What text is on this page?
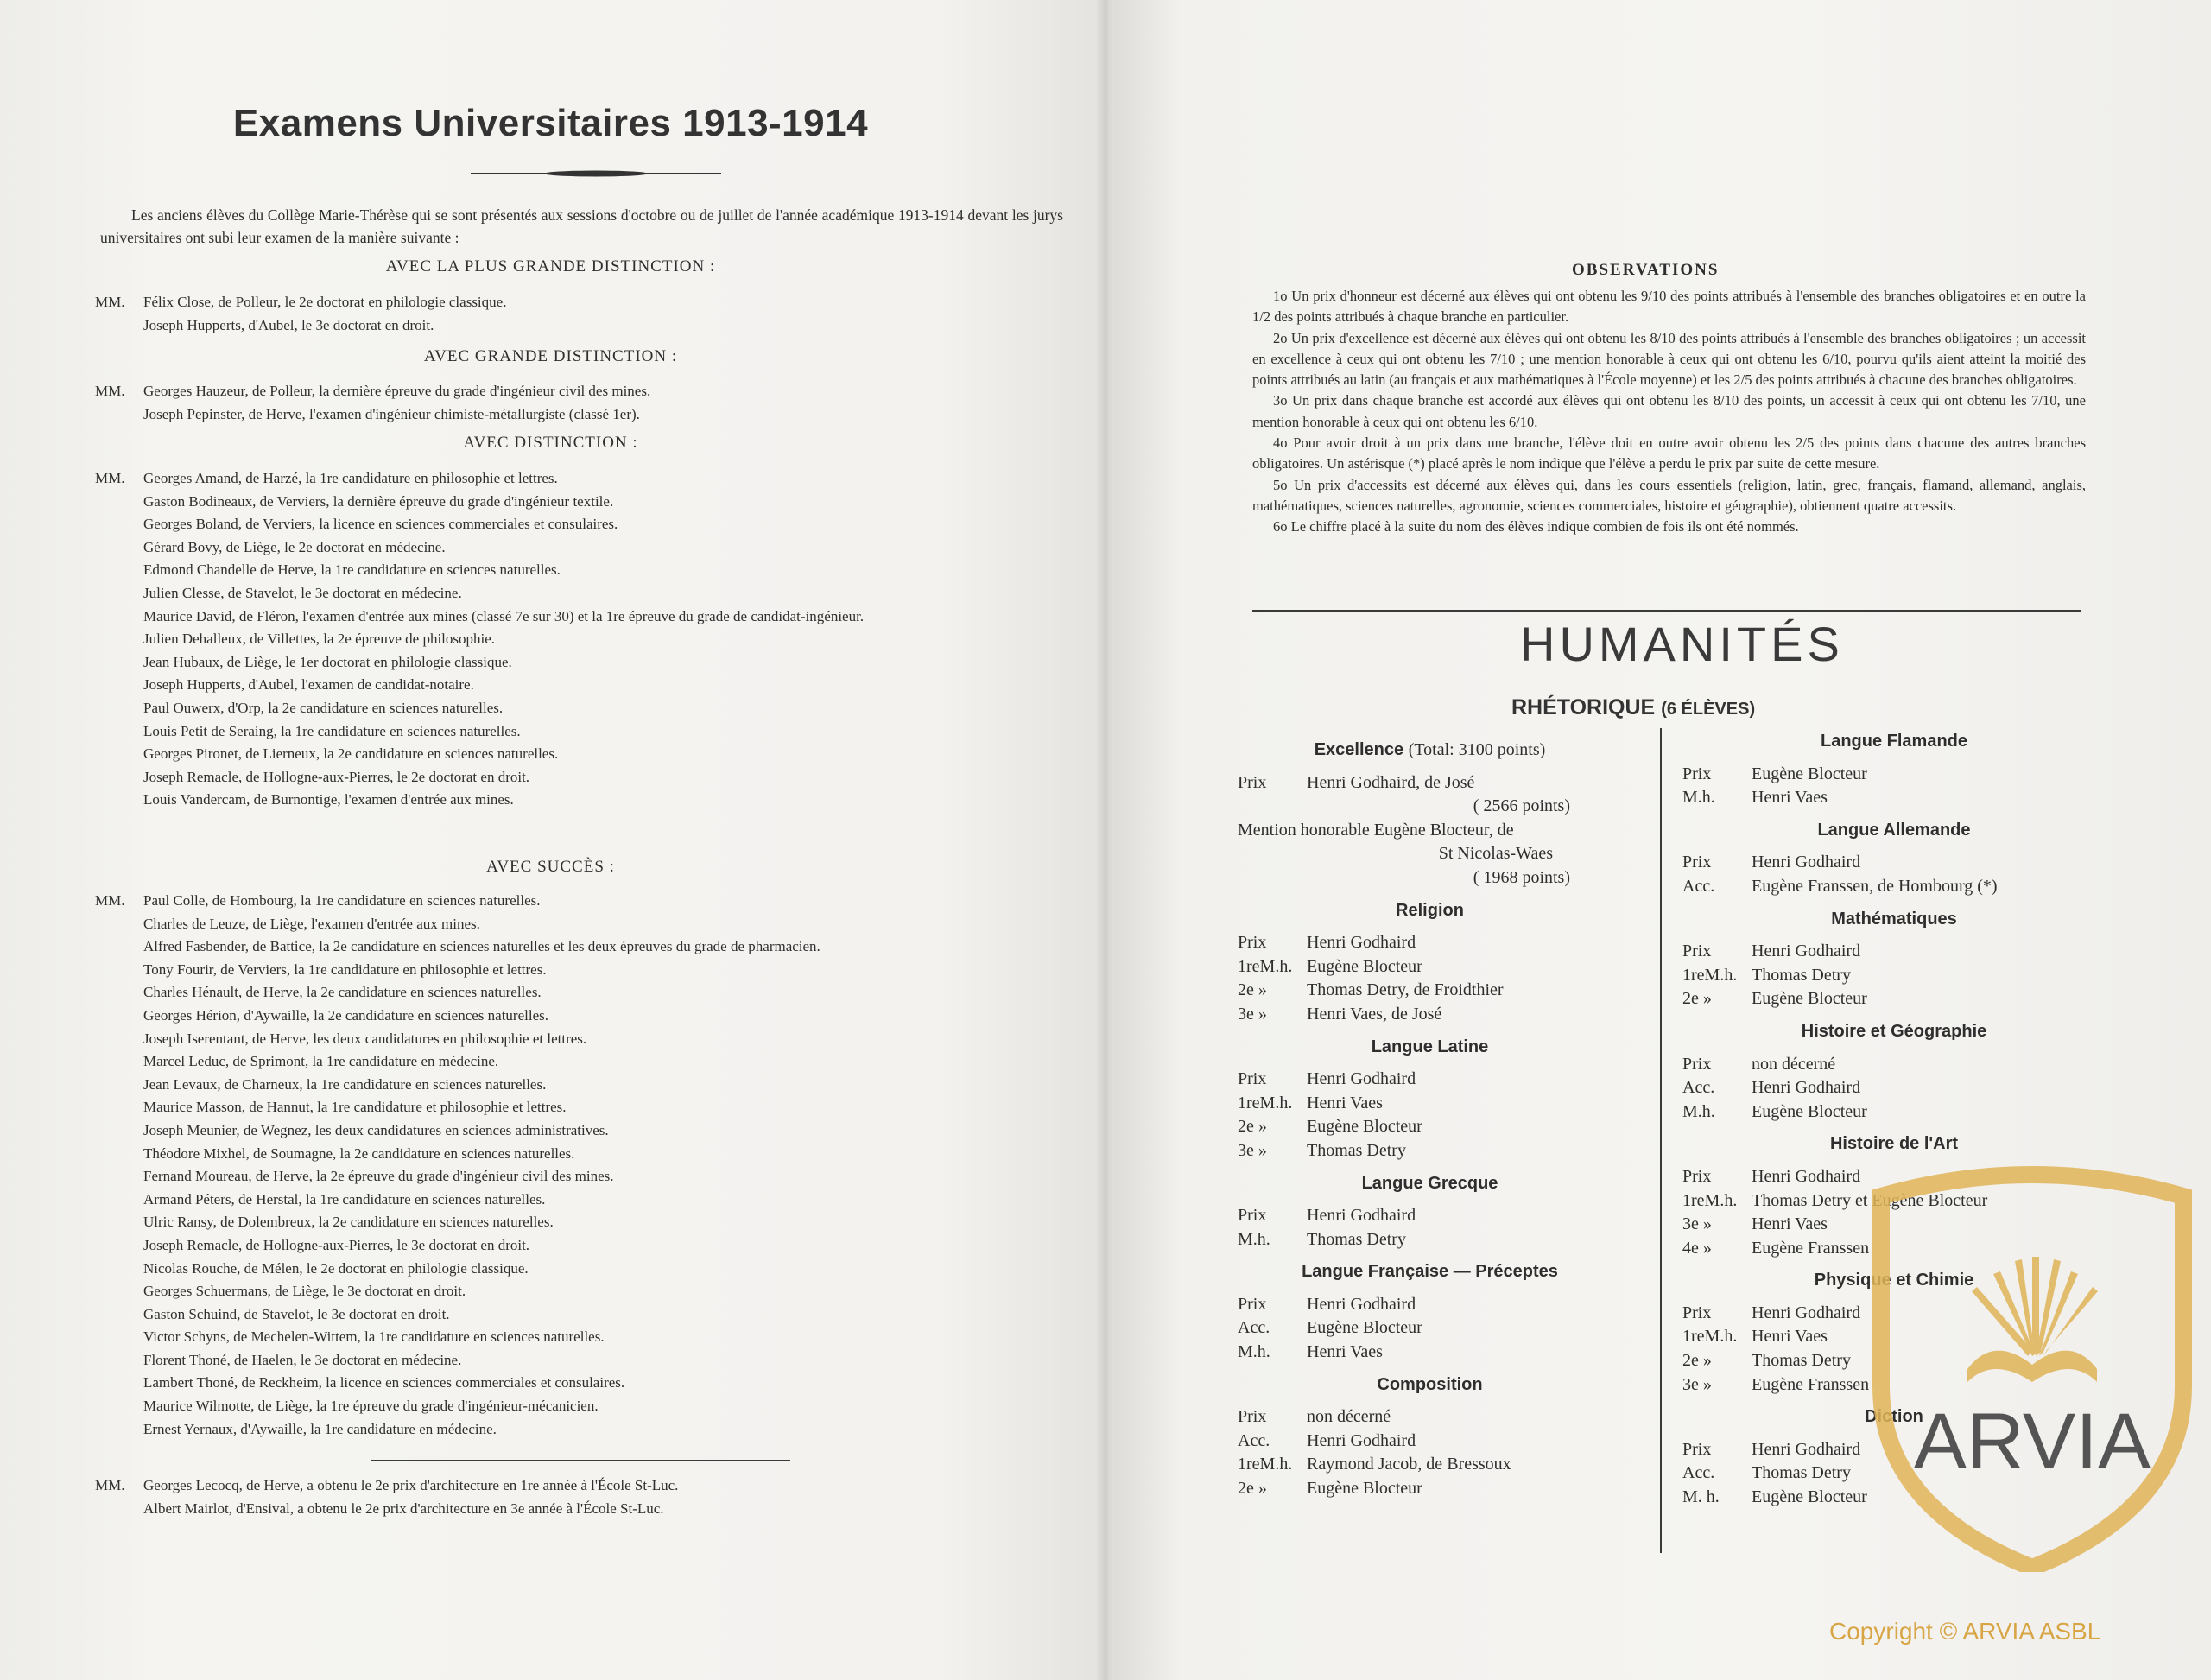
Examens Universitaires 1913-1914
Les anciens élèves du Collège Marie-Thérèse qui se sont présentés aux sessions d'octobre ou de juillet de l'année académique 1913-1914 devant les jurys universitaires ont subi leur examen de la manière suivante :
AVEC LA PLUS GRANDE DISTINCTION :
MM. Félix Close, de Polleur, le 2e doctorat en philologie classique.
Joseph Hupperts, d'Aubel, le 3e doctorat en droit.
AVEC GRANDE DISTINCTION :
MM. Georges Hauzeur, de Polleur, la dernière épreuve du grade d'ingénieur civil des mines.
Joseph Pepinster, de Herve, l'examen d'ingénieur chimiste-métallurgiste (classé 1er).
AVEC DISTINCTION :
MM. Georges Amand, de Harzé, la 1re candidature en philosophie et lettres.
Gaston Bodineaux, de Verviers, la dernière épreuve du grade d'ingénieur textile.
Georges Boland, de Verviers, la licence en sciences commerciales et consulaires.
Gérard Bovy, de Liège, le 2e doctorat en médecine.
Edmond Chandelle de Herve, la 1re candidature en sciences naturelles.
Julien Clesse, de Stavelot, le 3e doctorat en médecine.
Maurice David, de Fléron, l'examen d'entrée aux mines (classé 7e sur 30) et la 1re épreuve du grade de candidat-ingénieur.
Julien Dehalleux, de Villettes, la 2e épreuve de philosophie.
Jean Hubaux, de Liège, le 1er doctorat en philologie classique.
Joseph Hupperts, d'Aubel, l'examen de candidat-notaire.
Paul Ouwerx, d'Orp, la 2e candidature en sciences naturelles.
Louis Petit de Seraing, la 1re candidature en sciences naturelles.
Georges Pironet, de Lierneux, la 2e candidature en sciences naturelles.
Joseph Remacle, de Hollogne-aux-Pierres, le 2e doctorat en droit.
Louis Vandercam, de Burnontige, l'examen d'entrée aux mines.
AVEC SUCCÈS :
MM. Paul Colle, de Hombourg, la 1re candidature en sciences naturelles.
Charles de Leuze, de Liège, l'examen d'entrée aux mines.
Alfred Fasbender, de Battice, la 2e candidature en sciences naturelles et les deux épreuves du grade de pharmacien.
Tony Fourir, de Verviers, la 1re candidature en philosophie et lettres.
Charles Hénault, de Herve, la 2e candidature en sciences naturelles.
Georges Hérion, d'Aywaille, la 2e candidature en sciences naturelles.
Joseph Iserentant, de Herve, les deux candidatures en philosophie et lettres.
Marcel Leduc, de Sprimont, la 1re candidature en médecine.
Jean Levaux, de Charneux, la 1re candidature en sciences naturelles.
Maurice Masson, de Hannut, la 1re candidature et philosophie et lettres.
Joseph Meunier, de Wegnez, les deux candidatures en sciences administratives.
Théodore Mixhel, de Soumagne, la 2e candidature en sciences naturelles.
Fernand Moureau, de Herve, la 2e épreuve du grade d'ingénieur civil des mines.
Armand Péters, de Herstal, la 1re candidature en sciences naturelles.
Ulric Ransy, de Dolembreux, la 2e candidature en sciences naturelles.
Joseph Remacle, de Hollogne-aux-Pierres, le 3e doctorat en droit.
Nicolas Rouche, de Mélen, le 2e doctorat en philologie classique.
Georges Schuermans, de Liège, le 3e doctorat en droit.
Gaston Schuind, de Stavelot, le 3e doctorat en droit.
Victor Schyns, de Mechelen-Wittem, la 1re candidature en sciences naturelles.
Florent Thoné, de Haelen, le 3e doctorat en médecine.
Lambert Thoné, de Reckheim, la licence en sciences commerciales et consulaires.
Maurice Wilmotte, de Liège, la 1re épreuve du grade d'ingénieur-mécanicien.
Ernest Yernaux, d'Aywaille, la 1re candidature en médecine.
MM. Georges Lecocq, de Herve, a obtenu le 2e prix d'architecture en 1re année à l'École St-Luc.
Albert Mairlot, d'Ensival, a obtenu le 2e prix d'architecture en 3e année à l'École St-Luc.
OBSERVATIONS

1o Un prix d'honneur est décerné aux élèves qui ont obtenu les 9/10 des points attribués à l'ensemble des branches obligatoires et en outre la 1/2 des points attribués à chaque branche en particulier.

2o Un prix d'excellence est décerné aux élèves qui ont obtenu les 8/10 des points attribués à l'ensemble des branches obligatoires ; un accessit en excellence à ceux qui ont obtenu les 7/10 ; une mention honorable à ceux qui ont obtenu les 6/10, pourvu qu'ils aient atteint la moitié des points attribués au latin (au français et aux mathématiques à l'École moyenne) et les 2/5 des points attribués à chacune des branches obligatoires.

3o Un prix dans chaque branche est accordé aux élèves qui ont obtenu les 8/10 des points, un accessit à ceux qui ont obtenu les 7/10, une mention honorable à ceux qui ont obtenu les 6/10.

4o Pour avoir droit à un prix dans une branche, l'élève doit en outre avoir obtenu les 2/5 des points dans chacune des autres branches obligatoires. Un astérisque (*) placé après le nom indique que l'élève a perdu le prix par suite de cette mesure.

5o Un prix d'accessits est décerné aux élèves qui, dans les cours essentiels (religion, latin, grec, français, flamand, allemand, anglais, mathématiques, sciences naturelles, agronomie, sciences commerciales, histoire et géographie), obtiennent quatre accessits.

6o Le chiffre placé à la suite du nom des élèves indique combien de fois ils ont été nommés.

HUMANITÉS
RHÉTORIQUE (6 ÉLÈVES)
Excellence (Total: 3100 points)
Prix Henri Godhaird, de José
( 2566 points)
Mention honorable Eugène Blocteur, de
St Nicolas-Waes
( 1968 points)
Religion
Prix Henri Godhaird
1reM.h. Eugène Blocteur
2e » Thomas Detry, de Froidthier
3e » Henri Vaes, de José
Langue Latine
Prix Henri Godhaird
1reM.h. Henri Vaes
2e » Eugène Blocteur
3e » Thomas Detry
Langue Grecque
Prix Henri Godhaird
M.h. Thomas Detry
Langue Française — Préceptes
Prix Henri Godhaird
Acc. Eugène Blocteur
M.h. Henri Vaes
Composition
Prix non décerné
Acc. Henri Godhaird
1reM.h. Raymond Jacob, de Bressoux
2e » Eugène Blocteur
Langue Flamande
Prix Eugène Blocteur
M.h. Henri Vaes
Langue Allemande
Prix Henri Godhaird
Acc. Eugène Franssen, de Hombourg (*)
Mathématiques
Prix Henri Godhaird
1reM.h. Thomas Detry
2e » Eugène Blocteur
Histoire et Géographie
Prix non décerné
Acc. Henri Godhaird
M.h. Eugène Blocteur
Histoire de l'Art
Prix Henri Godhaird
1reM.h. Thomas Detry et Eugène Blocteur
3e » Henri Vaes
4e » Eugène Franssen
Physique et Chimie
Prix Henri Godhaird
1reM.h. Henri Vaes
2e » Thomas Detry
3e » Eugène Franssen
Diction
Prix Henri Godhaird
Acc. Thomas Detry
M. h. Eugène Blocteur
ARVIA
Copyright © ARVIA ASBL
